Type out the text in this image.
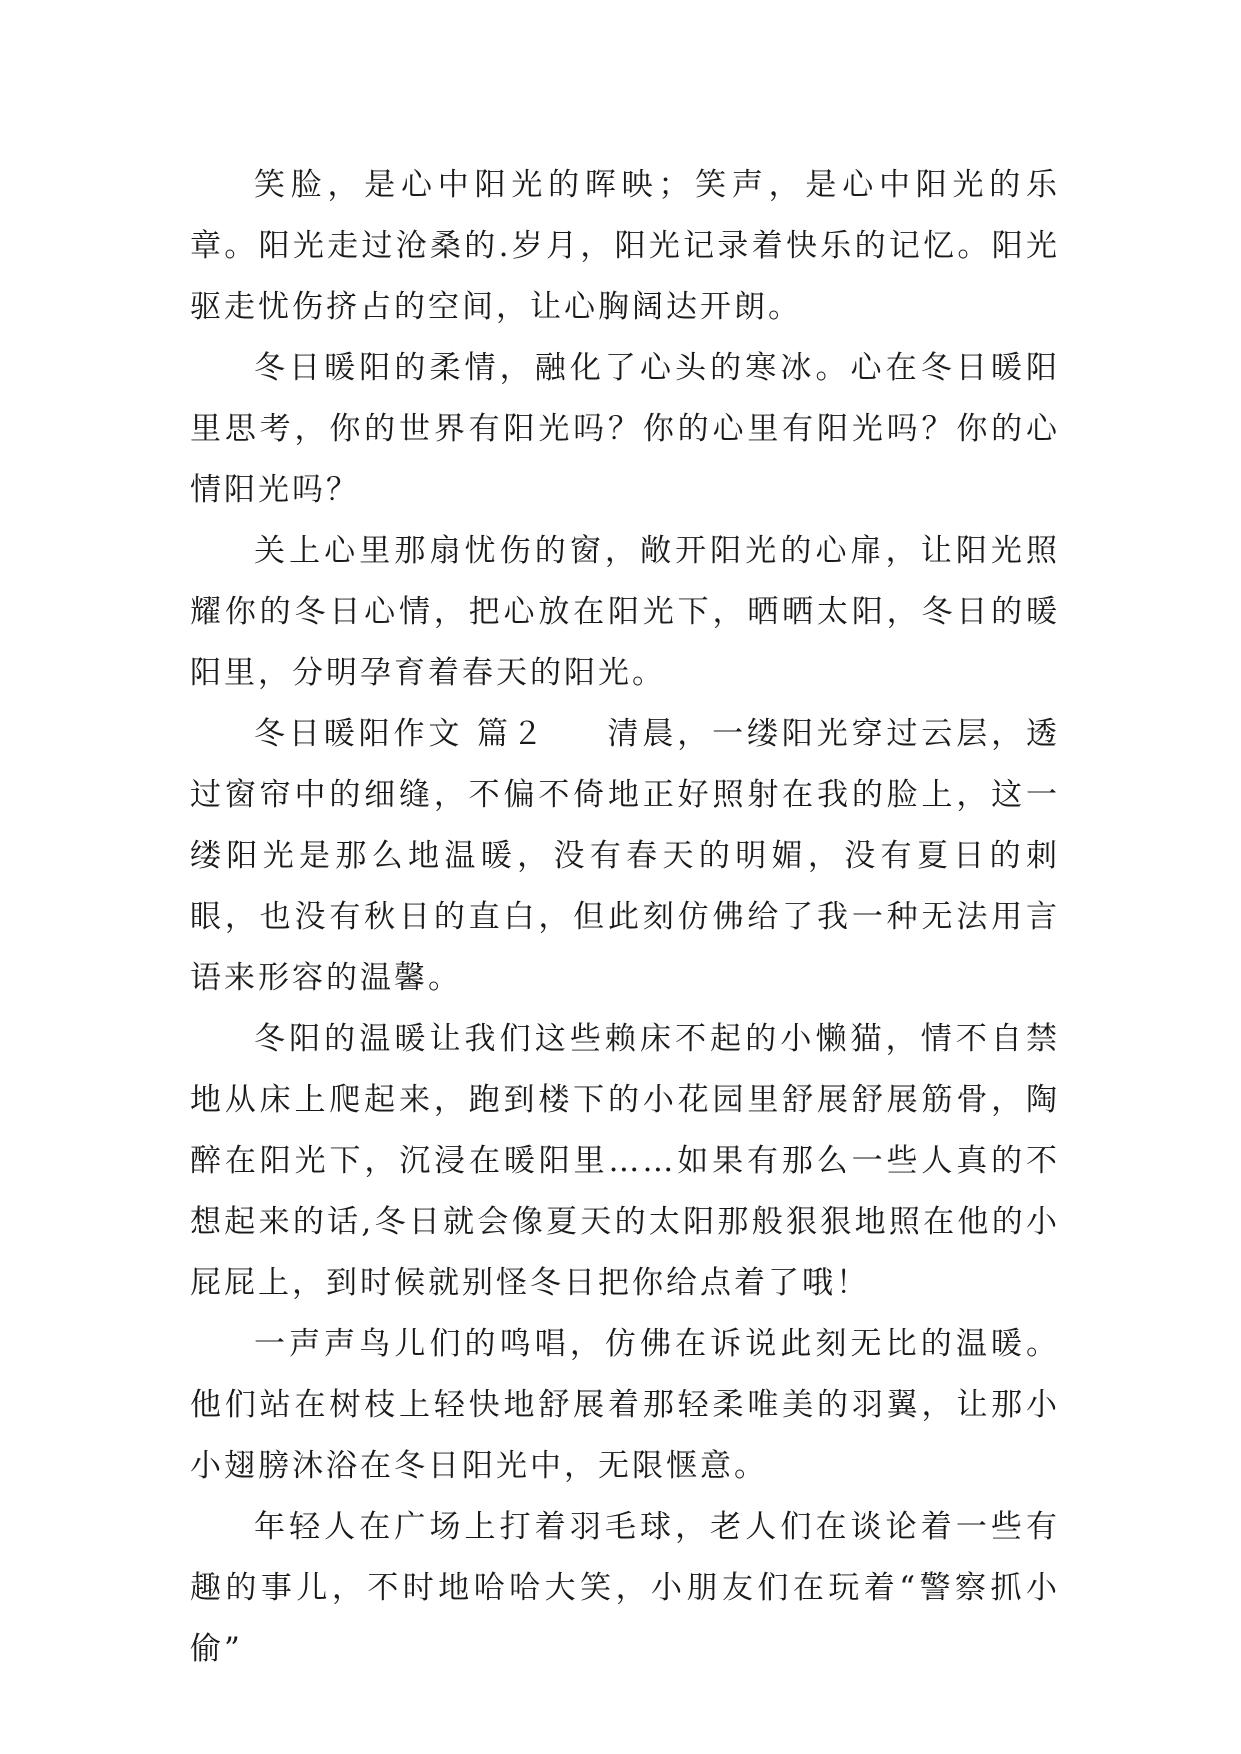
笑脸，是心中阳光的晖映；笑声，是心中阳光的乐章。阳光走过沧桑的.岁月，阳光记录着快乐的记忆。阳光驱走忧伤挤占的空间，让心胸阔达开朗。

冬日暖阳的柔情，融化了心头的寒冰。心在冬日暖阳里思考，你的世界有阳光吗？你的心里有阳光吗？你的心情阳光吗？

关上心里那扇忧伤的窗，敞开阳光的心扉，让阳光照耀你的冬日心情，把心放在阳光下，晒晒太阳，冬日的暖阳里，分明孕育着春天的阳光。

冬日暖阳作文 篇２ 清晨，一缕阳光穿过云层，透过窗帘中的细缝，不偏不倚地正好照射在我的脸上，这一缕阳光是那么地温暖，没有春天的明媚，没有夏日的刺眼，也没有秋日的直白，但此刻仿佛给了我一种无法用言语来形容的温馨。

冬阳的温暖让我们这些赖床不起的小懒猫，情不自禁地从床上爬起来，跑到楼下的小花园里舒展舒展筋骨，陶醉在阳光下，沉浸在暖阳里……如果有那么一些人真的不想起来的话,冬日就会像夏天的太阳那般狠狠地照在他的小屁屁上，到时候就别怪冬日把你给点着了哦！

一声声鸟儿们的鸣唱，仿佛在诉说此刻无比的温暖。他们站在树枝上轻快地舒展着那轻柔唯美的羽翼，让那小小翅膀沐浴在冬日阳光中，无限惬意。

年轻人在广场上打着羽毛球，老人们在谈论着一些有趣的事儿，不时地哈哈大笑，小朋友们在玩着“警察抓小偷”
